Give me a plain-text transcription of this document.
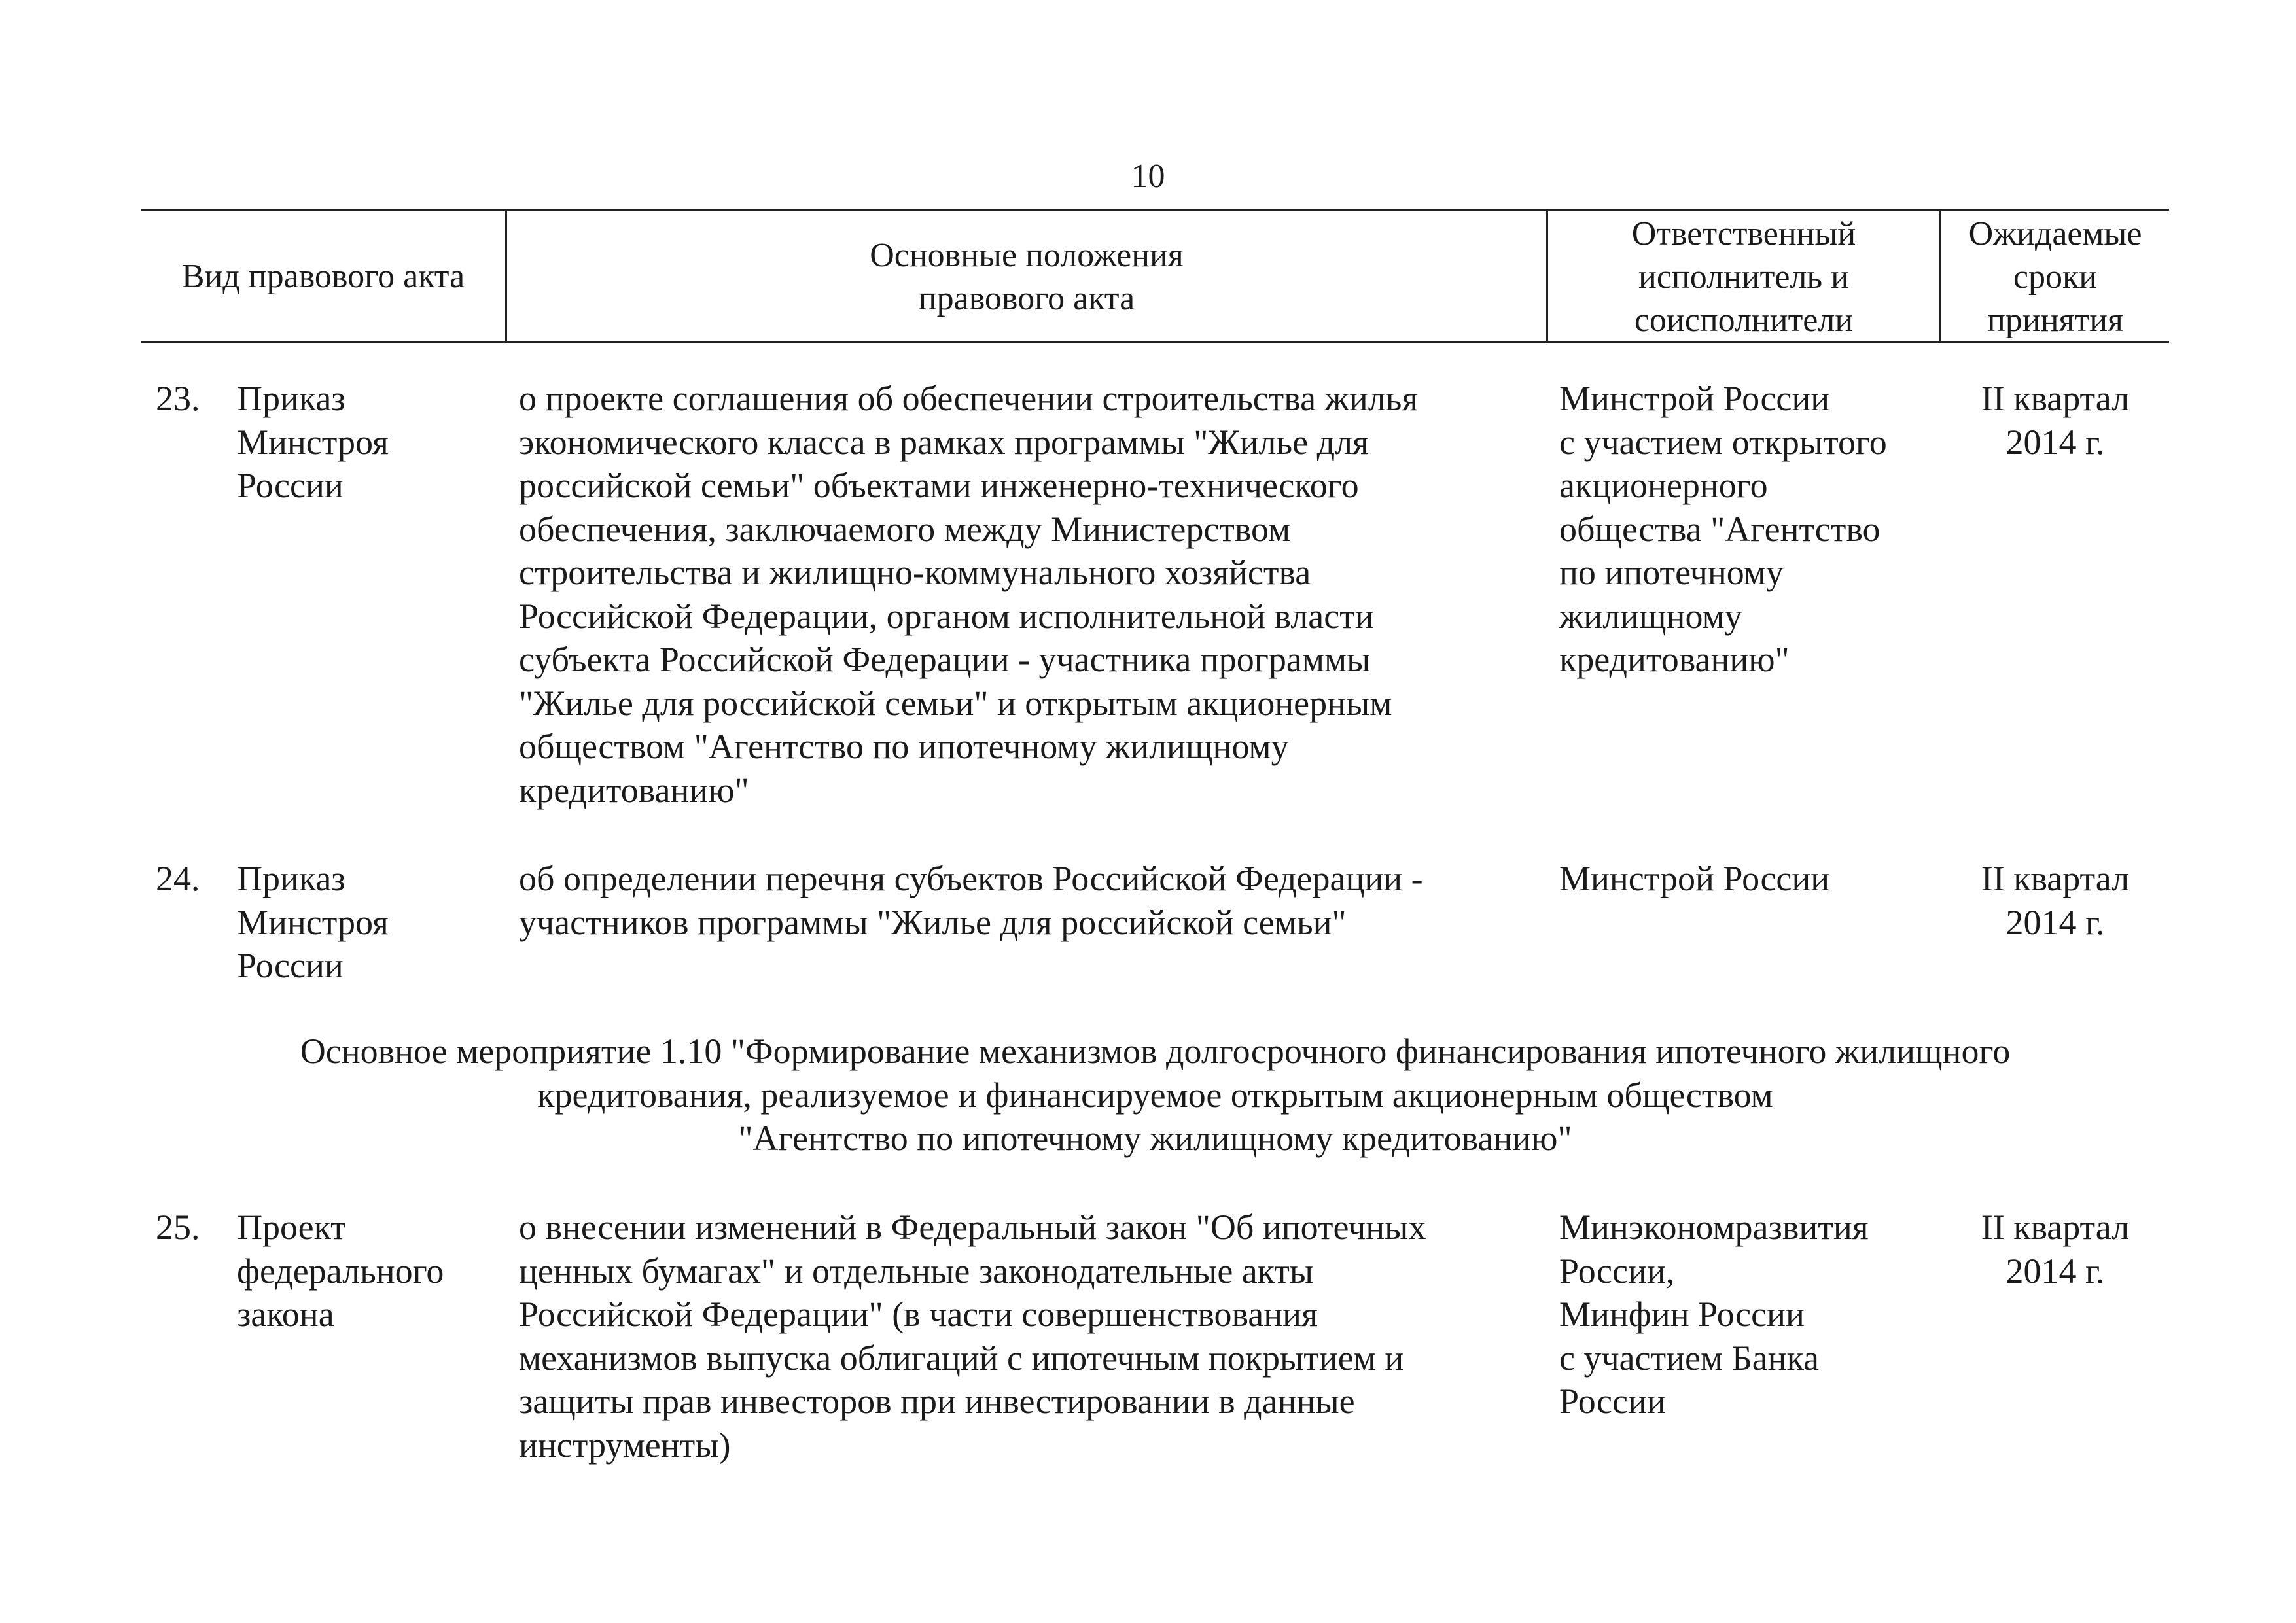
10
Вид правового акта
Основные положения
правового акта
Ответственный
исполнитель и
соисполнители
Ожидаемые
сроки
принятия
23. Приказ
Минстроя
России
о проекте соглашения об обеспечении строительства жилья
экономического класса в рамках программы "Жилье для
российской семьи" объектами инженерно-технического
обеспечения, заключаемого между Министерством
строительства и жилищно-коммунального хозяйства
Российской Федерации, органом исполнительной власти
субъекта Российской Федерации - участника программы
"Жилье для российской семьи" и открытым акционерным
обществом "Агентство по ипотечному жилищному
кредитованию"
Минстрой России
с участием открытого
акционерного
общества "Агентство
по ипотечному
жилищному
кредитованию"
II квартал
2014 г.
24. Приказ
Минстроя
России
об определении перечня субъектов Российской Федерации -
участников программы "Жилье для российской семьи"
Минстрой России	II квартал
2014 г.
Основное мероприятие 1.10 "Формирование механизмов долгосрочного финансирования ипотечного жилищного
кредитования, реализуемое и финансируемое открытым акционерным обществом
"Агентство по ипотечному жилищному кредитованию"
25. Проект
федерального
закона
о внесении изменений в Федеральный закон "Об ипотечных
ценных бумагах" и отдельные законодательные акты
Российской Федерации" (в части совершенствования
механизмов выпуска облигаций с ипотечным покрытием и
защиты прав инвесторов при инвестировании в данные
инструменты)
Минэкономразвития
России,
Минфин России
с участием Банка
России
II квартал
2014 г.
